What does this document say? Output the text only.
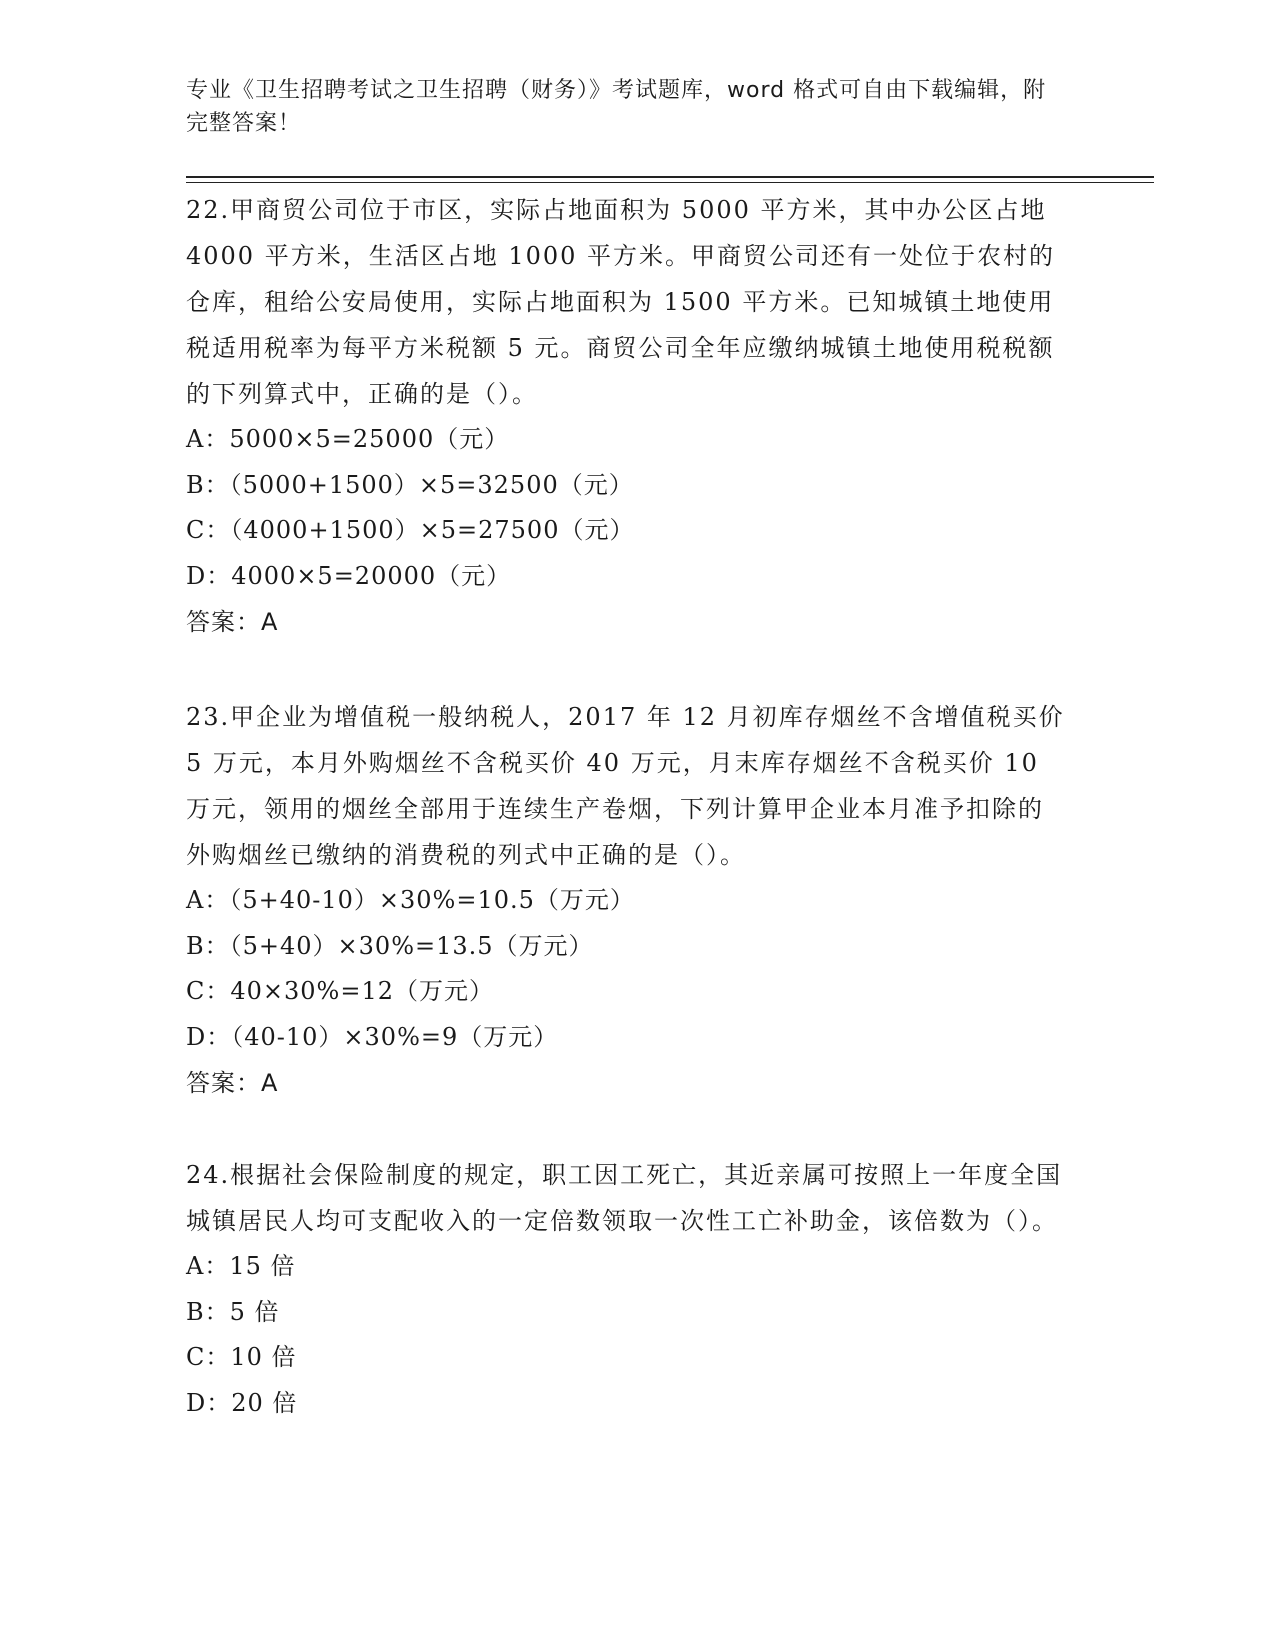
专业《卫生招聘考试之卫生招聘（财务）》考试题库，word 格式可自由下载编辑，附完整答案！

22.甲商贸公司位于市区，实际占地面积为 5000 平方米，其中办公区占地 4000 平方米，生活区占地 1000 平方米。甲商贸公司还有一处位于农村的仓库，租给公安局使用，实际占地面积为 1500 平方米。已知城镇土地使用税适用税率为每平方米税额 5 元。商贸公司全年应缴纳城镇土地使用税税额的下列算式中，正确的是（）。

A：5000×5=25000（元）

B：（5000+1500）×5=32500（元）

C：（4000+1500）×5=27500（元）

D：4000×5=20000（元）

答案：A

23.甲企业为增值税一般纳税人，2017 年 12 月初库存烟丝不含增值税买价 5 万元，本月外购烟丝不含税买价 40 万元，月末库存烟丝不含税买价 10 万元，领用的烟丝全部用于连续生产卷烟，下列计算甲企业本月准予扣除的外购烟丝已缴纳的消费税的列式中正确的是（）。

A：（5+40-10）×30%=10.5（万元）

B：（5+40）×30%=13.5（万元）

C：40×30%=12（万元）

D：（40-10）×30%=9（万元）

答案：A

24.根据社会保险制度的规定，职工因工死亡，其近亲属可按照上一年度全国城镇居民人均可支配收入的一定倍数领取一次性工亡补助金，该倍数为（）。

A：15 倍

B：5 倍

C：10 倍

D：20 倍
